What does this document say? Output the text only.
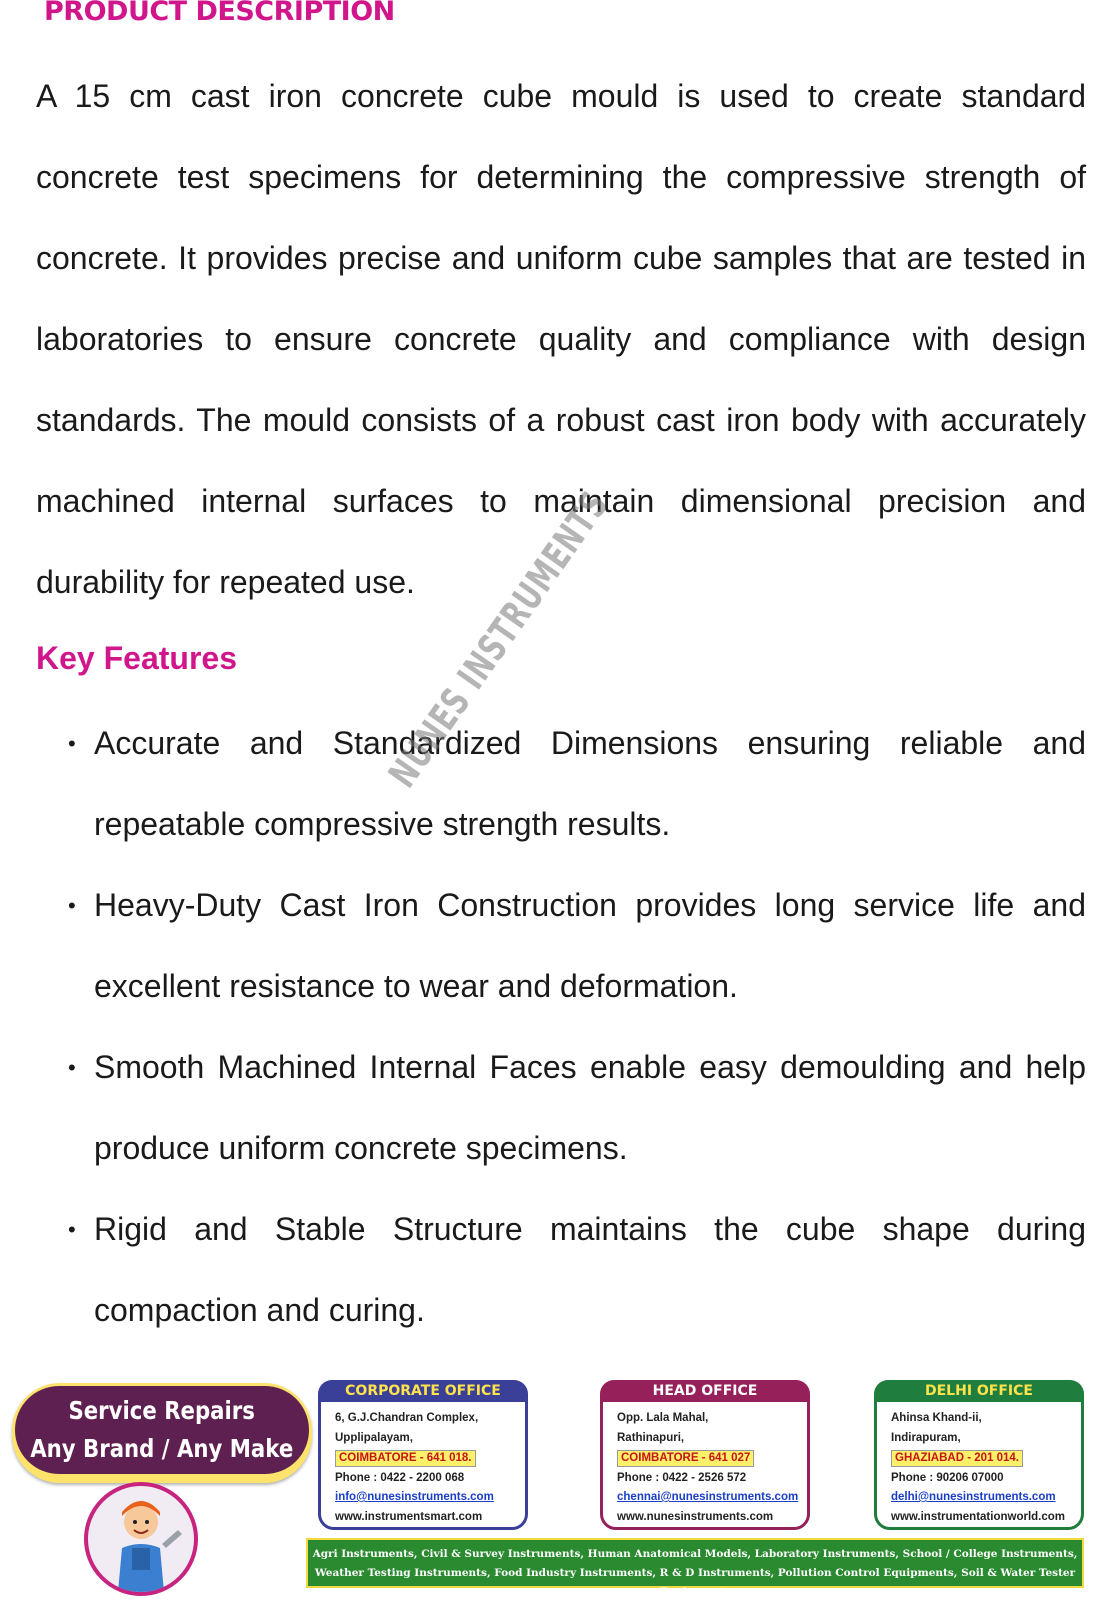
PRODUCT DESCRIPTION

A 15 cm cast iron concrete cube mould is used to create standard concrete test specimens for determining the compressive strength of concrete. It provides precise and uniform cube samples that are tested in laboratories to ensure concrete quality and compliance with design standards. The mould consists of a robust cast iron body with accurately machined internal surfaces to maintain dimensional precision and durability for repeated use.

Key Features
• Accurate and Standardized Dimensions ensuring reliable and repeatable compressive strength results.
• Heavy-Duty Cast Iron Construction provides long service life and excellent resistance to wear and deformation.
• Smooth Machined Internal Faces enable easy demoulding and help produce uniform concrete specimens.
• Rigid and Stable Structure maintains the cube shape during compaction and curing.
NUNES INSTRUMENTS
Service Repairs
Any Brand / Any Make
CORPORATE OFFICE
6, G.J.Chandran Complex,
Upplipalayam,
COIMBATORE - 641 018.
Phone : 0422 - 2200 068
info@nunesinstruments.com
www.instrumentsmart.com
HEAD OFFICE
Opp. Lala Mahal,
Rathinapuri,
COIMBATORE - 641 027
Phone : 0422 - 2526 572
chennai@nunesinstruments.com
www.nunesinstruments.com
DELHI OFFICE
Ahinsa Khand-ii,
Indirapuram,
GHAZIABAD - 201 014.
Phone : 90206 07000
delhi@nunesinstruments.com
www.instrumentationworld.com
Agri Instruments, Civil & Survey Instruments, Human Anatomical Models, Laboratory Instruments, School / College Instruments,
Weather Testing Instruments, Food Industry Instruments, R & D Instruments, Pollution Control Equipments, Soil & Water Tester Equipments
